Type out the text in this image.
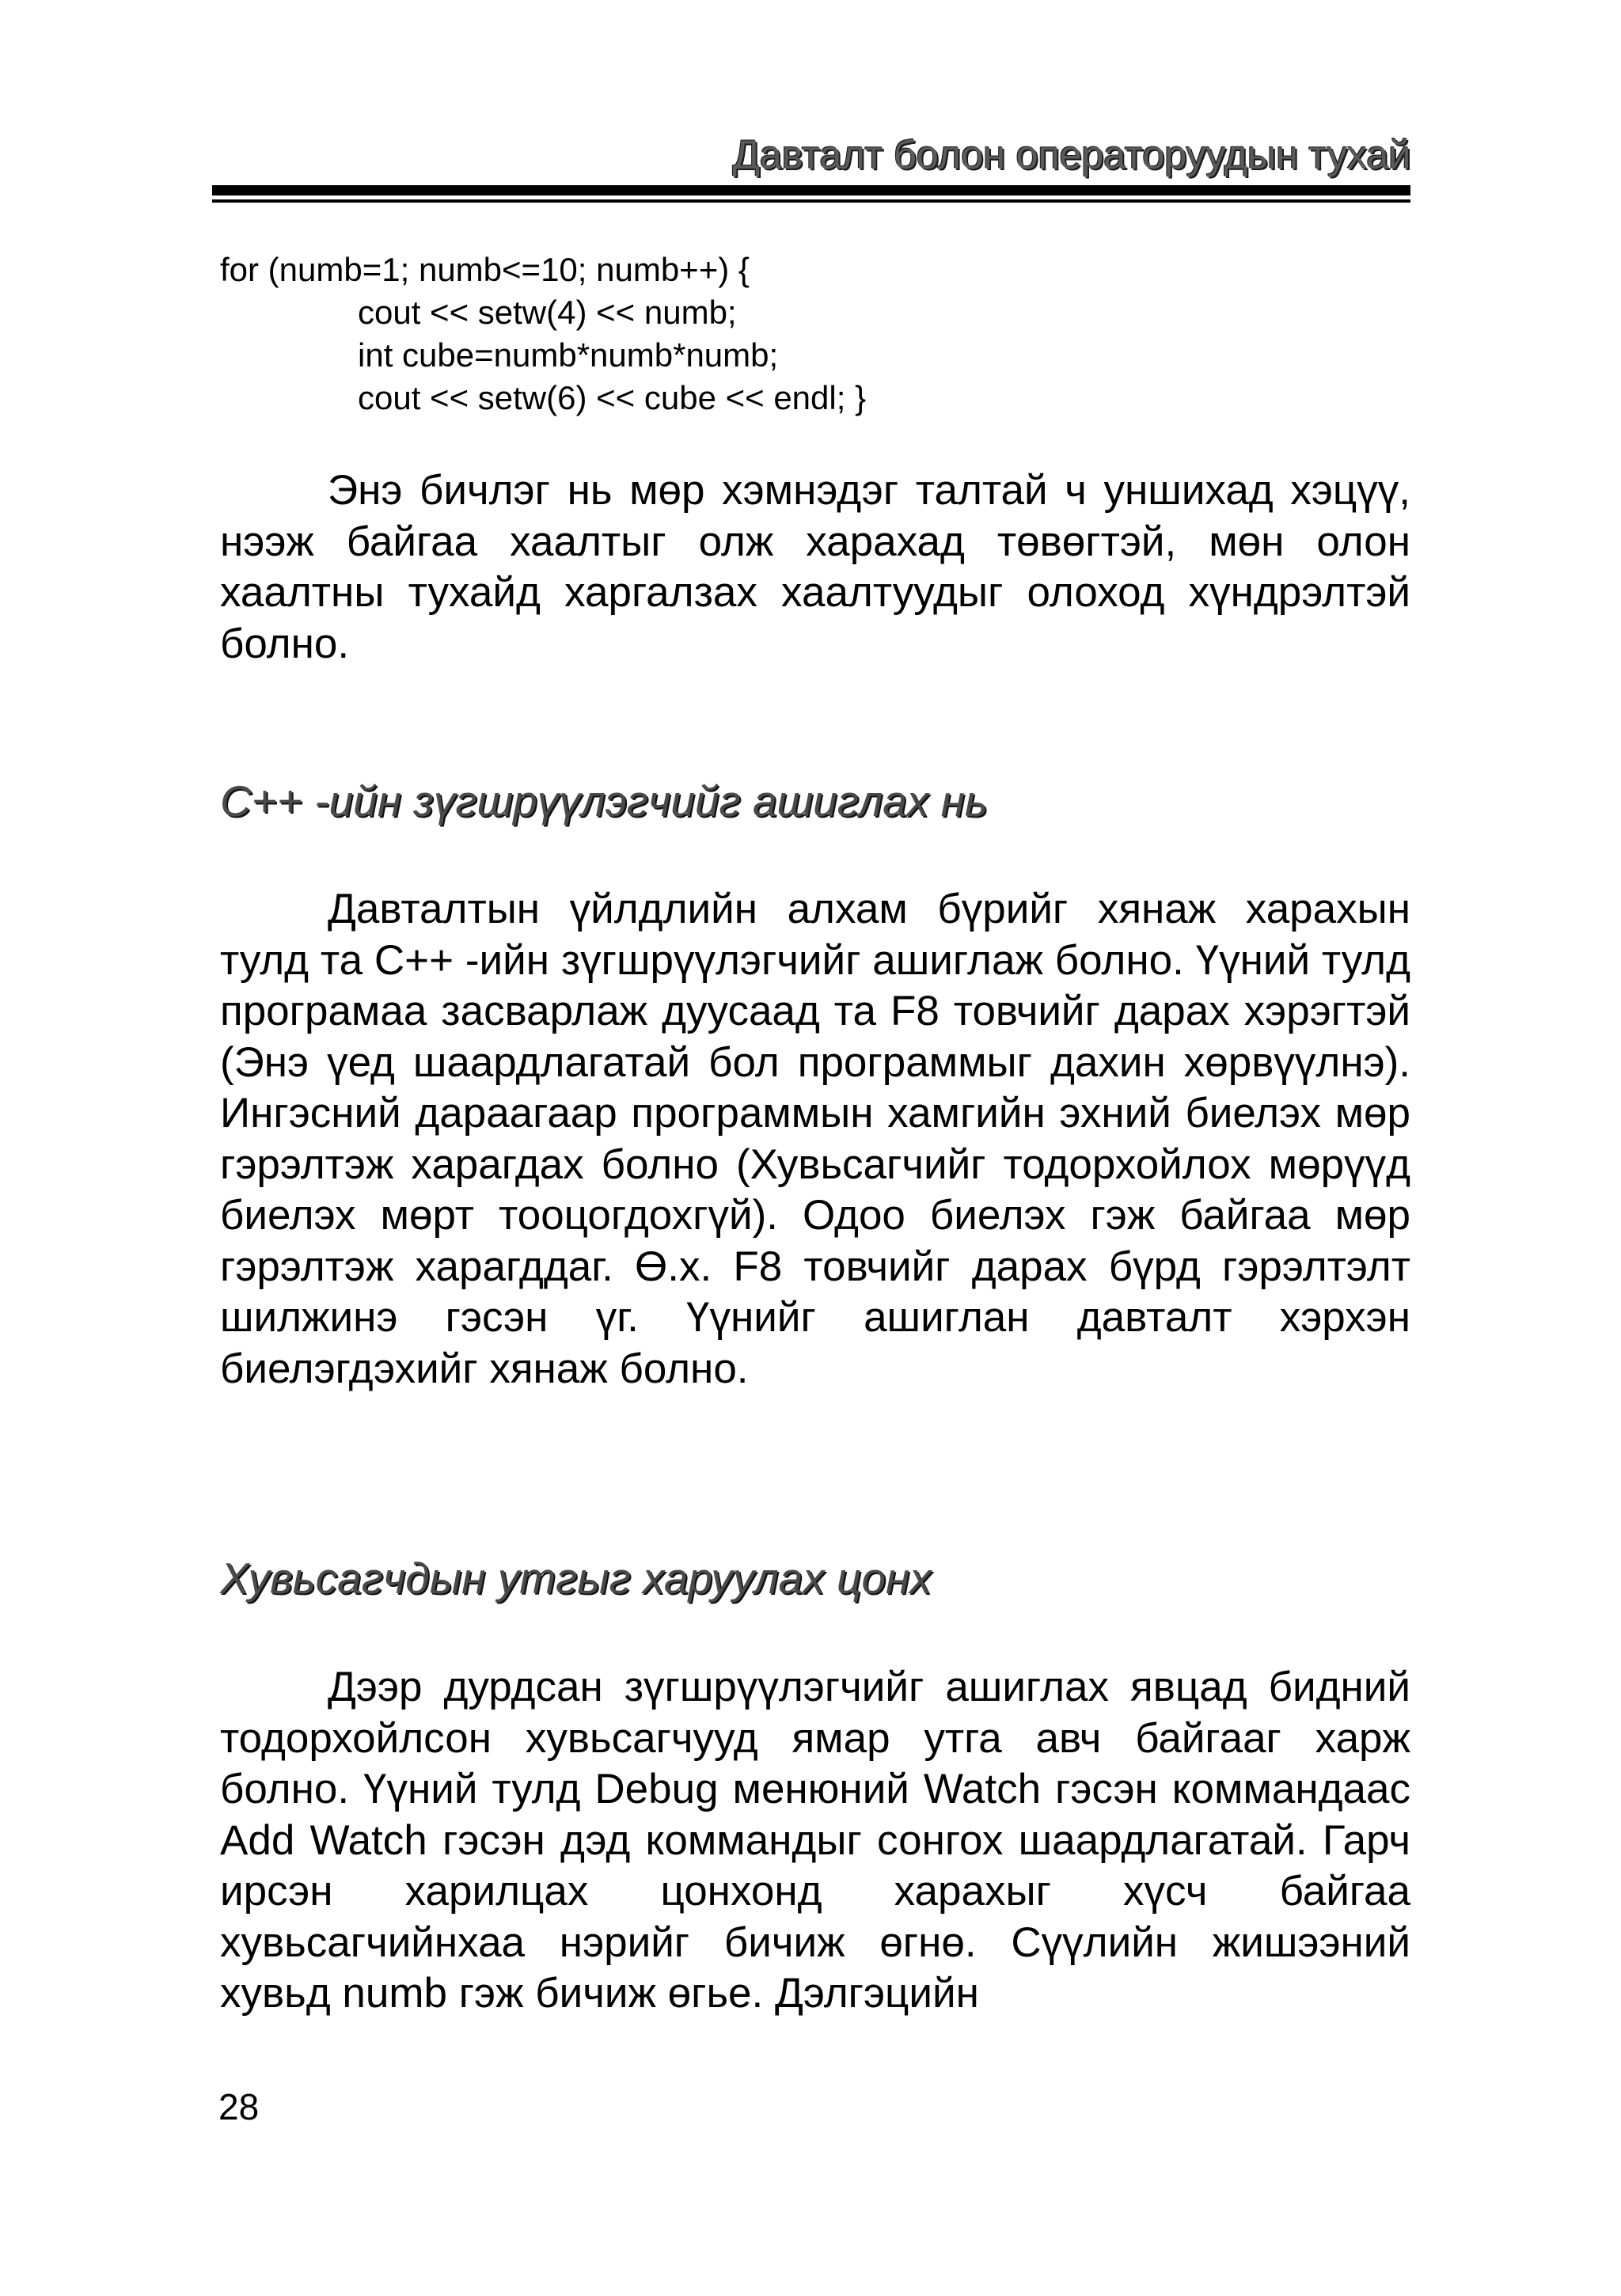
Давталт болон операторуудын тухай
for (numb=1; numb<=10; numb++) {
cout << setw(4) << numb;
int cube=numb*numb*numb;
cout << setw(6) << cube << endl; }

Энэ бичлэг нь мөр хэмнэдэг талтай ч уншихад хэцүү, нээж байгаа хаалтыг олж харахад төвөгтэй, мөн олон хаалтны тухайд харгалзах хаалтуудыг олоход хүндрэлтэй болно.

С++ -ийн зүгшрүүлэгчийг ашиглах нь

Давталтын үйлдлийн алхам бүрийг хянаж харахын тулд та С++ -ийн зүгшрүүлэгчийг ашиглаж болно. Үүний тулд програмаа засварлаж дуусаад та F8 товчийг дарах хэрэгтэй (Энэ үед шаардлагатай бол программыг дахин хөрвүүлнэ). Ингэсний дараагаар программын хамгийн эхний биелэх мөр гэрэлтэж харагдах болно (Хувьсагчийг тодорхойлох мөрүүд биелэх мөрт тооцогдохгүй). Одоо биелэх гэж байгаа мөр гэрэлтэж харагддаг. Ө.х. F8 товчийг дарах бүрд гэрэлтэлт шилжинэ гэсэн үг. Үүнийг ашиглан давталт хэрхэн биелэгдэхийг хянаж болно.

Хувьсагчдын утгыг харуулах цонх

Дээр дурдсан зүгшрүүлэгчийг ашиглах явцад бидний тодорхойлсон хувьсагчууд ямар утга авч байгааг харж болно. Үүний тулд Debug менюний Watch гэсэн коммандаас Add Watch гэсэн дэд коммандыг сонгох шаардлагатай. Гарч ирсэн харилцах цонхонд харахыг хүсч байгаа хувьсагчийнхаа нэрийг бичиж өгнө. Сүүлийн жишээний хувьд numb гэж бичиж өгье. Дэлгэцийн

28
